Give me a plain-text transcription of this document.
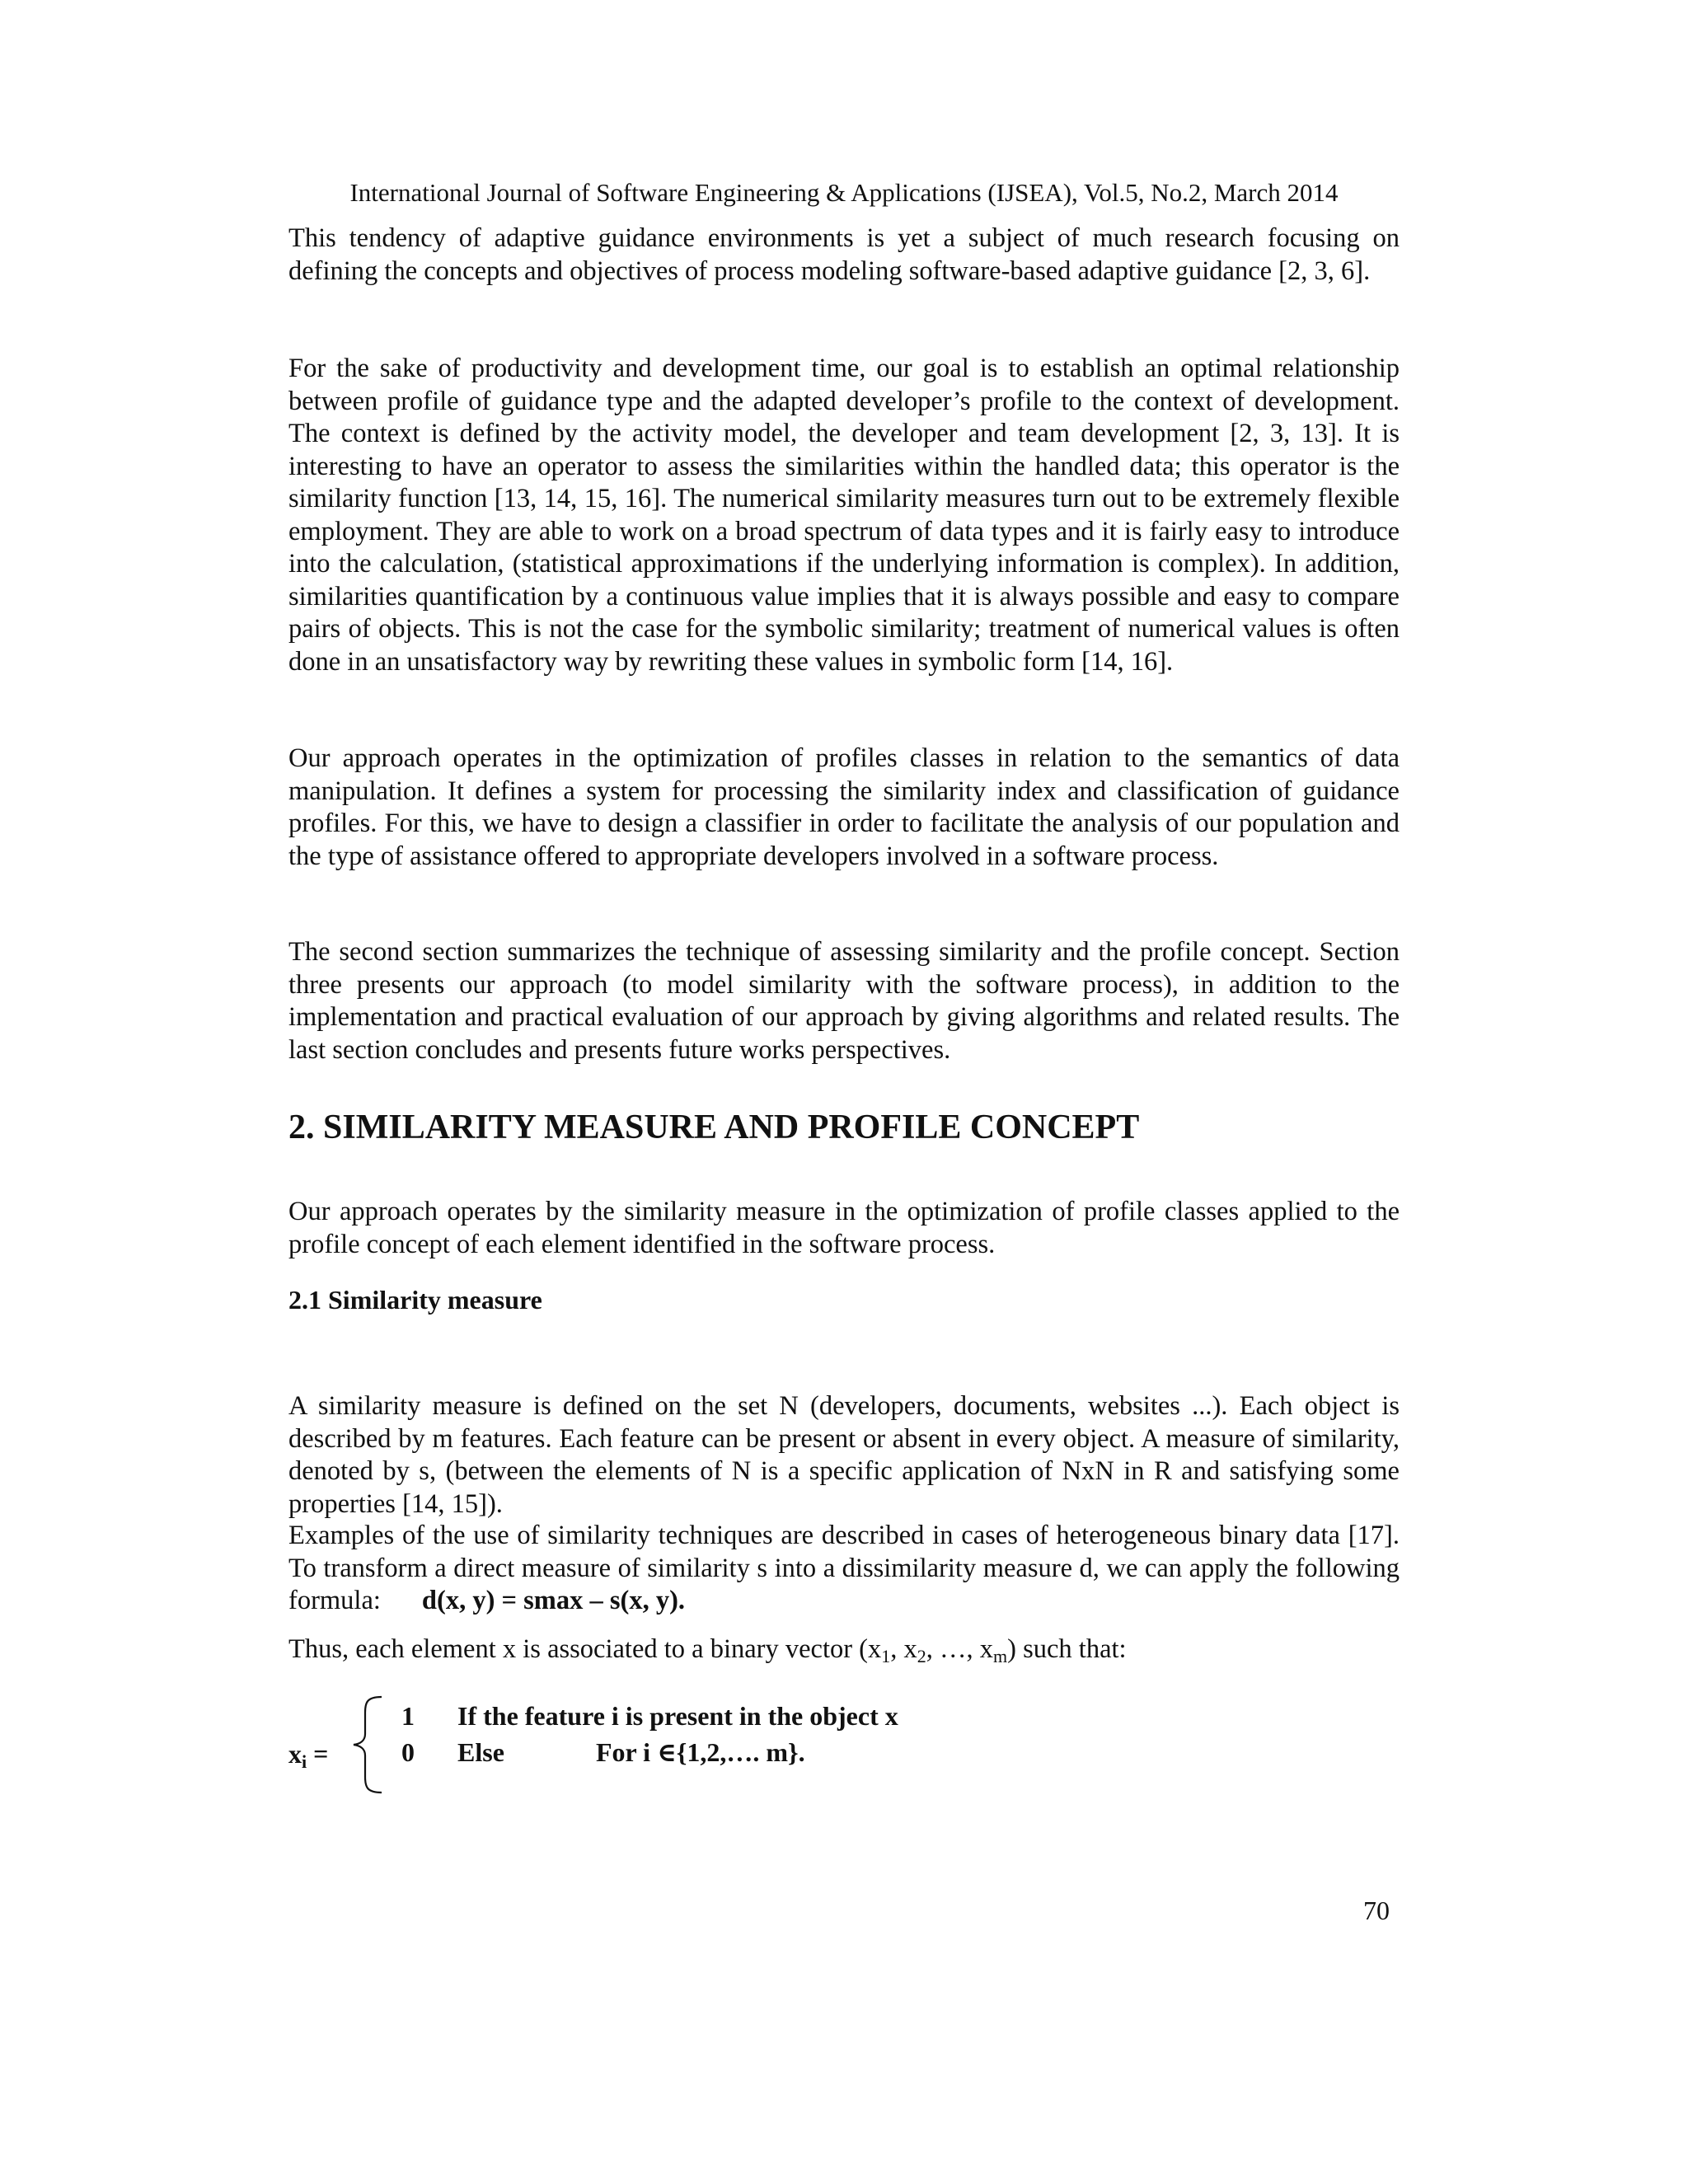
International Journal of Software Engineering & Applications (IJSEA), Vol.5, No.2, March 2014

This tendency of adaptive guidance environments is yet a subject of much research focusing on defining the concepts and objectives of process modeling software-based adaptive guidance [2, 3, 6].

For the sake of productivity and development time, our goal is to establish an optimal relationship between profile of guidance type and the adapted developer’s profile to the context of development. The context is defined by the activity model, the developer and team development [2, 3, 13]. It is interesting to have an operator to assess the similarities within the handled data; this operator is the similarity function [13, 14, 15, 16]. The numerical similarity measures turn out to be extremely flexible employment. They are able to work on a broad spectrum of data types and it is fairly easy to introduce into the calculation, (statistical approximations if the underlying information is complex). In addition, similarities quantification by a continuous value implies that it is always possible and easy to compare pairs of objects. This is not the case for the symbolic similarity; treatment of numerical values is often done in an unsatisfactory way by rewriting these values in symbolic form [14, 16].

Our approach operates in the optimization of profiles classes in relation to the semantics of data manipulation. It defines a system for processing the similarity index and classification of guidance profiles. For this, we have to design a classifier in order to facilitate the analysis of our population and the type of assistance offered to appropriate developers involved in a software process.

The second section summarizes the technique of assessing similarity and the profile concept. Section three presents our approach (to model similarity with the software process), in addition to the implementation and practical evaluation of our approach by giving algorithms and related results. The last section concludes and presents future works perspectives.

2. SIMILARITY MEASURE AND PROFILE CONCEPT

Our approach operates by the similarity measure in the optimization of profile classes applied to the profile concept of each element identified in the software process.

2.1 Similarity measure

A similarity measure is defined on the set N (developers, documents, websites ...). Each object is described by m features. Each feature can be present or absent in every object. A measure of similarity, denoted by s, (between the elements of N is a specific application of NxN in R and satisfying some properties [14, 15]).

Examples of the use of similarity techniques are described in cases of heterogeneous binary data [17]. To transform a direct measure of similarity s into a dissimilarity measure d, we can apply the following formula: d(x, y) = smax – s(x, y).

Thus, each element x is associated to a binary vector ($x_1$, $x_2$, …, $x_m$) such that:

$x_i$ =
1 If the feature i is present in the object x
0 Else	For i ∈{1,2,…. m}.
70
